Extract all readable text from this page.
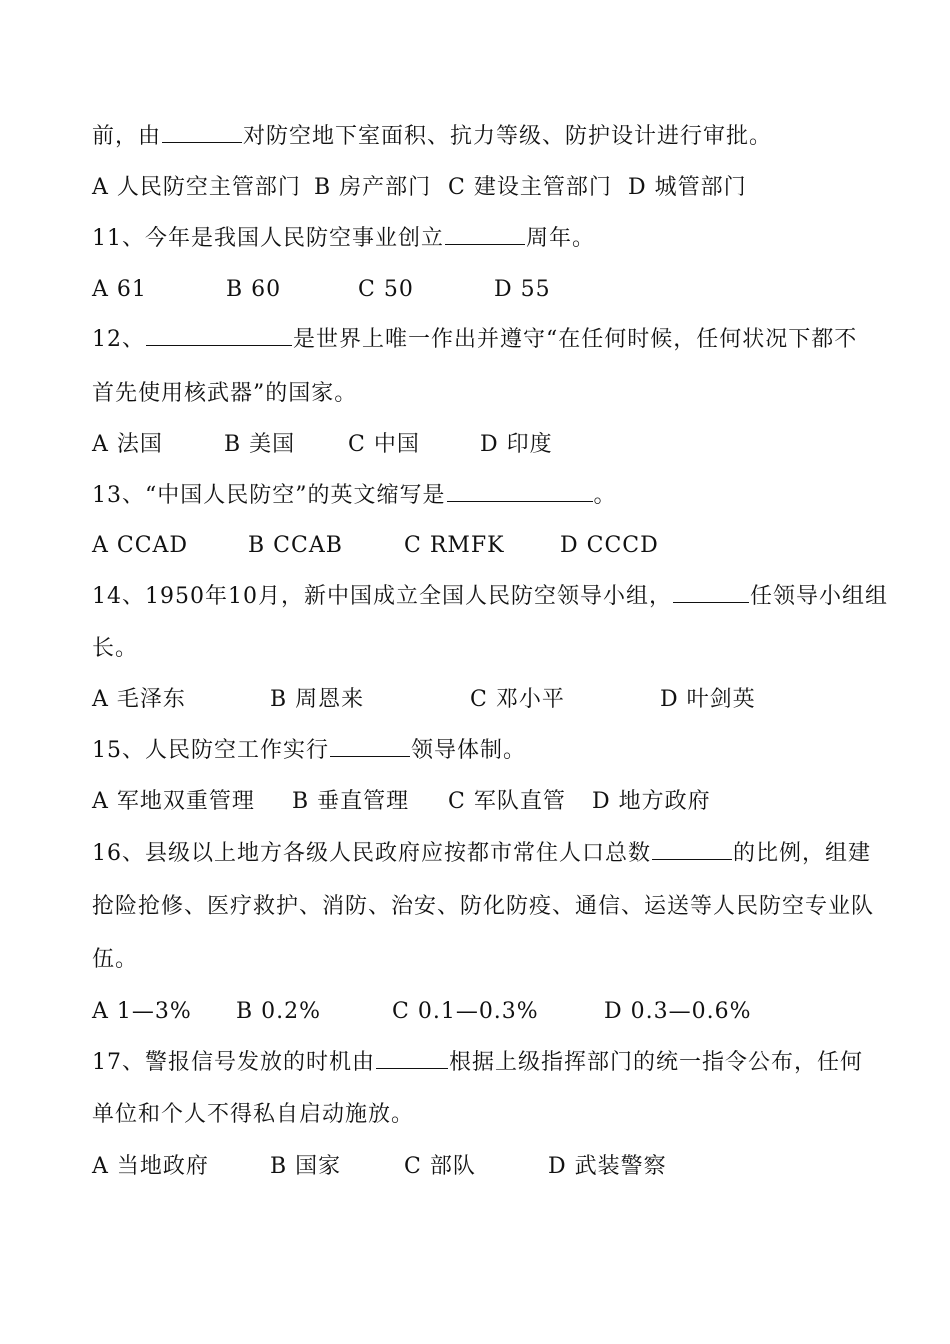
前，由	对防空地下室面积、抗力等级、防护设计进行审批。
A 人民防空主管部门 B 房产部门 C 建设主管部门 D 城管部门
11、今年是我国人民防空事业创立	周年。
A 61	B 60	C 50	D 55
12、	是世界上唯一作出并遵守“在任何时候，任何状况下都不
首先使用核武器”的国家。
A 法国	B 美国 C 中国	D 印度
13、“中国人民防空”的英文缩写是	。
A CCAD	B CCAB	C RMFK	D CCCD
14、1950年10月，新中国成立全国人民防空领导小组，	任领导小组组
长。
A 毛泽东	B 周恩来	C 邓小平	D 叶剑英
15、人民防空工作实行	领导体制。
A 军地双重管理 B 垂直管理 C 军队直管 D 地方政府
16、县级以上地方各级人民政府应按都市常住人口总数	的比例，组建
抢险抢修、医疗救护、消防、治安、防化防疫、通信、运送等人民防空专业队
伍。
A 1—3% B 0.2%	C 0.1—0.3%	D 0.3—0.6%
17、警报信号发放的时机由	根据上级指挥部门的统一指令公布，任何
单位和个人不得私自启动施放。
A 当地政府	B 国家	C 部队	D 武装警察
